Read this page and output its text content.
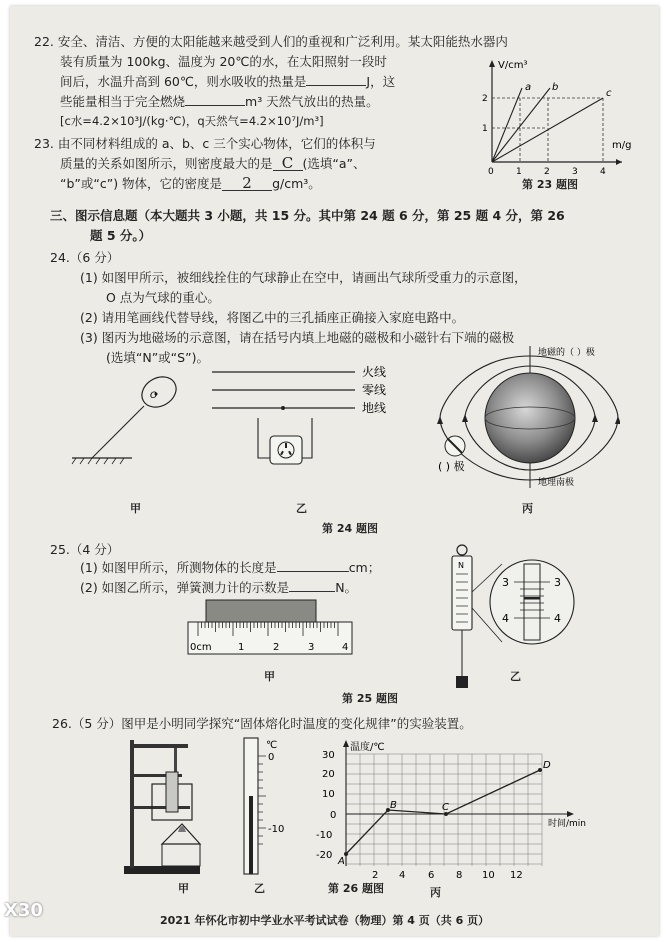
22. 安全、清洁、方便的太阳能越来越受到人们的重视和广泛利用。某太阳能热水器内
装有质量为 100kg、温度为 20℃的水，在太阳照射一段时
间后，水温升高到 60℃，则水吸收的热量是	J，这
些能量相当于完全燃烧	m³ 天然气放出的热量。
[c水=4.2×10³J/(kg·℃)，q天然气=4.2×10⁷J/m³]
23. 由不同材料组成的 a、b、c 三个实心物体，它们的体积与
质量的关系如图所示，则密度最大的是 C (选填“a”、
“b”或“c”) 物体，它的密度是 2 g/cm³。
V/cm³
m/g
0 1 2 3 4
1
2
a b
c
第 23 题图
三、图示信息题（本大题共 3 小题，共 15 分。其中第 24 题 6 分，第 25 题 4 分，第 26
题 5 分。）
24.（6 分）
(1) 如图甲所示，被细线拴住的气球静止在空中，请画出气球所受重力的示意图，
O 点为气球的重心。
(2) 请用笔画线代替导线，将图乙中的三孔插座正确接入家庭电路中。
(3) 图丙为地磁场的示意图，请在括号内填上地磁的磁极和小磁针右下端的磁极
(选填“N”或“S”)。
O
火线
零线
地线
地磁的（ ）极
地理南极
( ) 极
甲	乙	丙
第 24 题图
25.（4 分）
(1) 如图甲所示，所测物体的长度是	cm；
(2) 如图乙所示，弹簧测力计的示数是	N。
0cm	1	2	3	4
甲
N
3	3
4	4
乙
第 25 题图
26.（5 分）图甲是小明同学探究“固体熔化时温度的变化规律”的实验装置。
℃
0
-10
温度/℃
时间/min
30
20
10
0
-10
-20
4	8	12
2	6	10
A
B	C
D
甲	乙	第 26 题图	丙
2021 年怀化市初中学业水平考试试卷（物理）第 4 页（共 6 页）
X30
